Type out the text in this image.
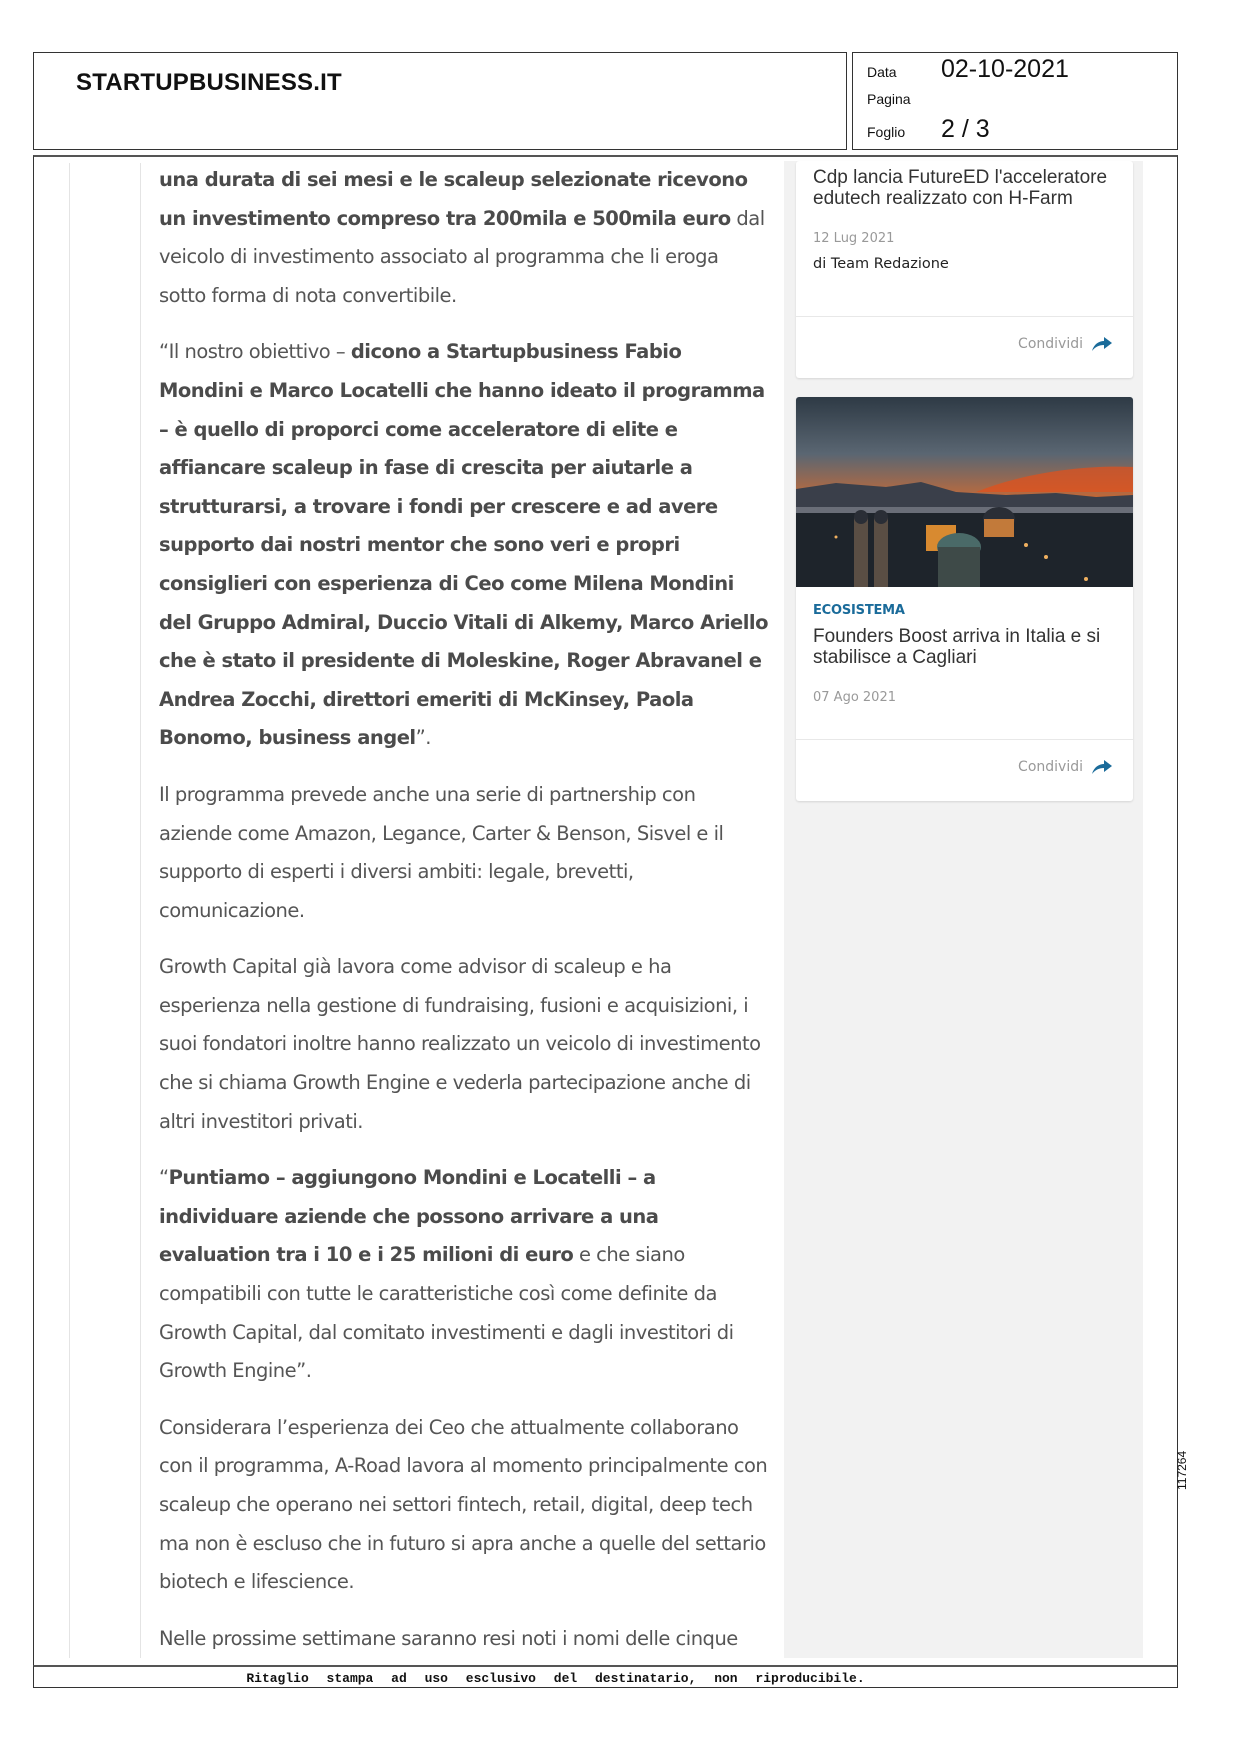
STARTUPBUSINESS.IT	Data	02-10-2021
Pagina
Foglio	2 / 3

una durata di sei mesi e le scaleup selezionate ricevono un investimento compreso tra 200mila e 500mila euro dal veicolo di investimento associato al programma che li eroga sotto forma di nota convertibile.

“Il nostro obiettivo – dicono a Startupbusiness Fabio Mondini e Marco Locatelli che hanno ideato il programma – è quello di proporci come acceleratore di elite e affiancare scaleup in fase di crescita per aiutarle a strutturarsi, a trovare i fondi per crescere e ad avere supporto dai nostri mentor che sono veri e propri consiglieri con esperienza di Ceo come Milena Mondini del Gruppo Admiral, Duccio Vitali di Alkemy, Marco Ariello che è stato il presidente di Moleskine, Roger Abravanel e Andrea Zocchi, direttori emeriti di McKinsey, Paola Bonomo, business angel”.

Il programma prevede anche una serie di partnership con aziende come Amazon, Legance, Carter & Benson, Sisvel e il supporto di esperti i diversi ambiti: legale, brevetti, comunicazione.

Growth Capital già lavora come advisor di scaleup e ha esperienza nella gestione di fundraising, fusioni e acquisizioni, i suoi fondatori inoltre hanno realizzato un veicolo di investimento che si chiama Growth Engine e vederla partecipazione anche di altri investitori privati.

“Puntiamo – aggiungono Mondini e Locatelli – a individuare aziende che possono arrivare a una evaluation tra i 10 e i 25 milioni di euro e che siano compatibili con tutte le caratteristiche così come definite da Growth Capital, dal comitato investimenti e dagli investitori di Growth Engine”.

Considerara l’esperienza dei Ceo che attualmente collaborano con il programma, A-Road lavora al momento principalmente con scaleup che operano nei settori fintech, retail, digital, deep tech ma non è escluso che in futuro si apra anche a quelle del settario biotech e lifescience.

Nelle prossime settimane saranno resi noti i nomi delle cinque

Cdp lancia FutureED l'acceleratore edutech realizzato con H-Farm
12 Lug 2021
di Team Redazione
Condividi
ECOSISTEMA
Founders Boost arriva in Italia e si stabilisce a Cagliari
07 Ago 2021
Condividi
Ritaglio stampa ad uso esclusivo del destinatario, non riproducibile.
117264
